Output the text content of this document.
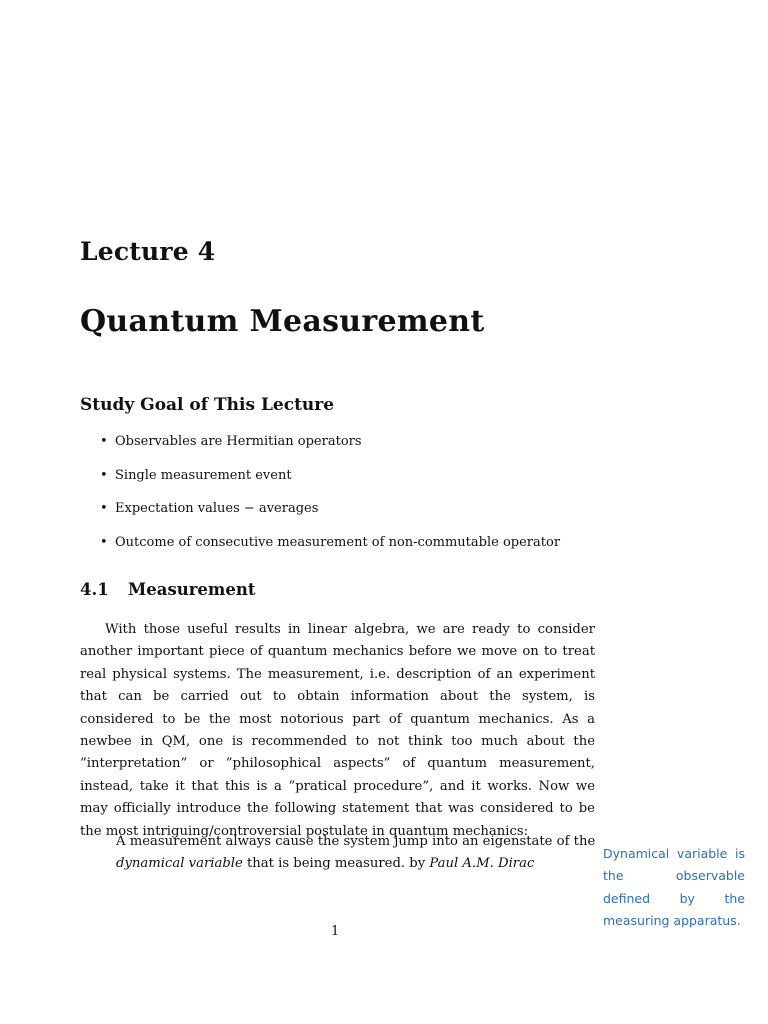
Lecture 4
Quantum Measurement
Study Goal of This Lecture
• Observables are Hermitian operators
• Single measurement event
• Expectation values − averages
• Outcome of consecutive measurement of non-commutable operator
4.1 Measurement

With those useful results in linear algebra, we are ready to consider another important piece of quantum mechanics before we move on to treat real physical systems. The measurement, i.e. description of an experiment that can be carried out to obtain information about the system, is considered to be the most notorious part of quantum mechanics. As a newbee in QM, one is recommended to not think too much about the ”interpretation” or ”philosophical aspects” of quantum measurement, instead, take it that this is a ”pratical procedure”, and it works. Now we may officially introduce the following statement that was considered to be the most intriguing/controversial postulate in quantum mechanics:

A measurement always cause the system jump into an eigenstate of the
dynamical variable that is being measured. by Paul A.M. Dirac

Dynamical variable is the observable defined by the measuring apparatus.

1
